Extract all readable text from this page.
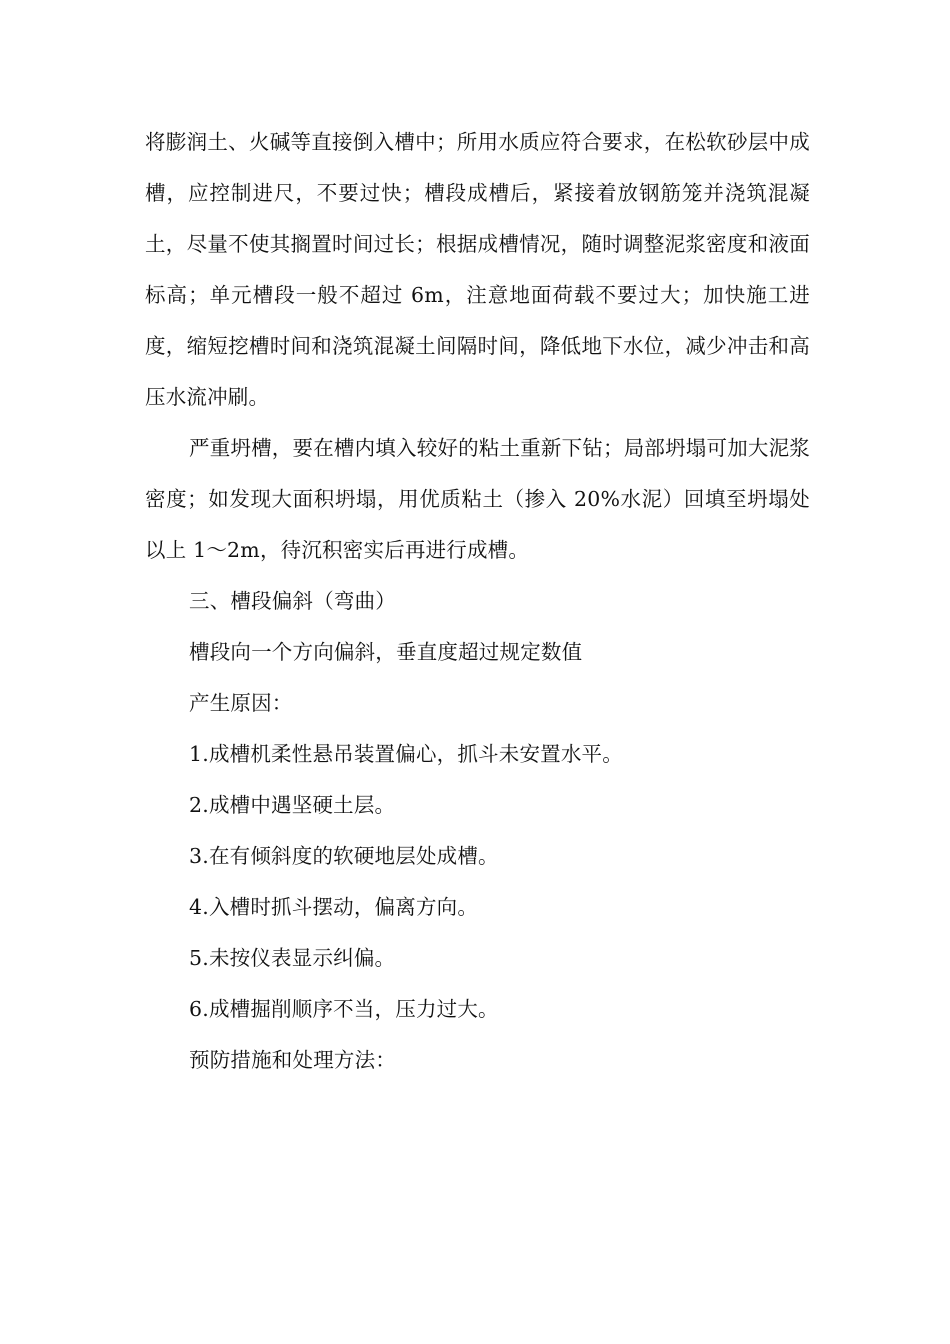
将膨润土、火碱等直接倒入槽中；所用水质应符合要求，在松软砂层中成槽，应控制进尺，不要过快；槽段成槽后，紧接着放钢筋笼并浇筑混凝土，尽量不使其搁置时间过长；根据成槽情况，随时调整泥浆密度和液面标高；单元槽段一般不超过 6m，注意地面荷载不要过大；加快施工进度，缩短挖槽时间和浇筑混凝土间隔时间，降低地下水位，减少冲击和高压水流冲刷。

严重坍槽，要在槽内填入较好的粘土重新下钻；局部坍塌可加大泥浆密度；如发现大面积坍塌，用优质粘土（掺入 20%水泥）回填至坍塌处以上 1～2m，待沉积密实后再进行成槽。

三、槽段偏斜（弯曲）

槽段向一个方向偏斜，垂直度超过规定数值

产生原因：

1.成槽机柔性悬吊装置偏心，抓斗未安置水平。

2.成槽中遇坚硬土层。

3.在有倾斜度的软硬地层处成槽。

4.入槽时抓斗摆动，偏离方向。

5.未按仪表显示纠偏。

6.成槽掘削顺序不当，压力过大。

预防措施和处理方法：
